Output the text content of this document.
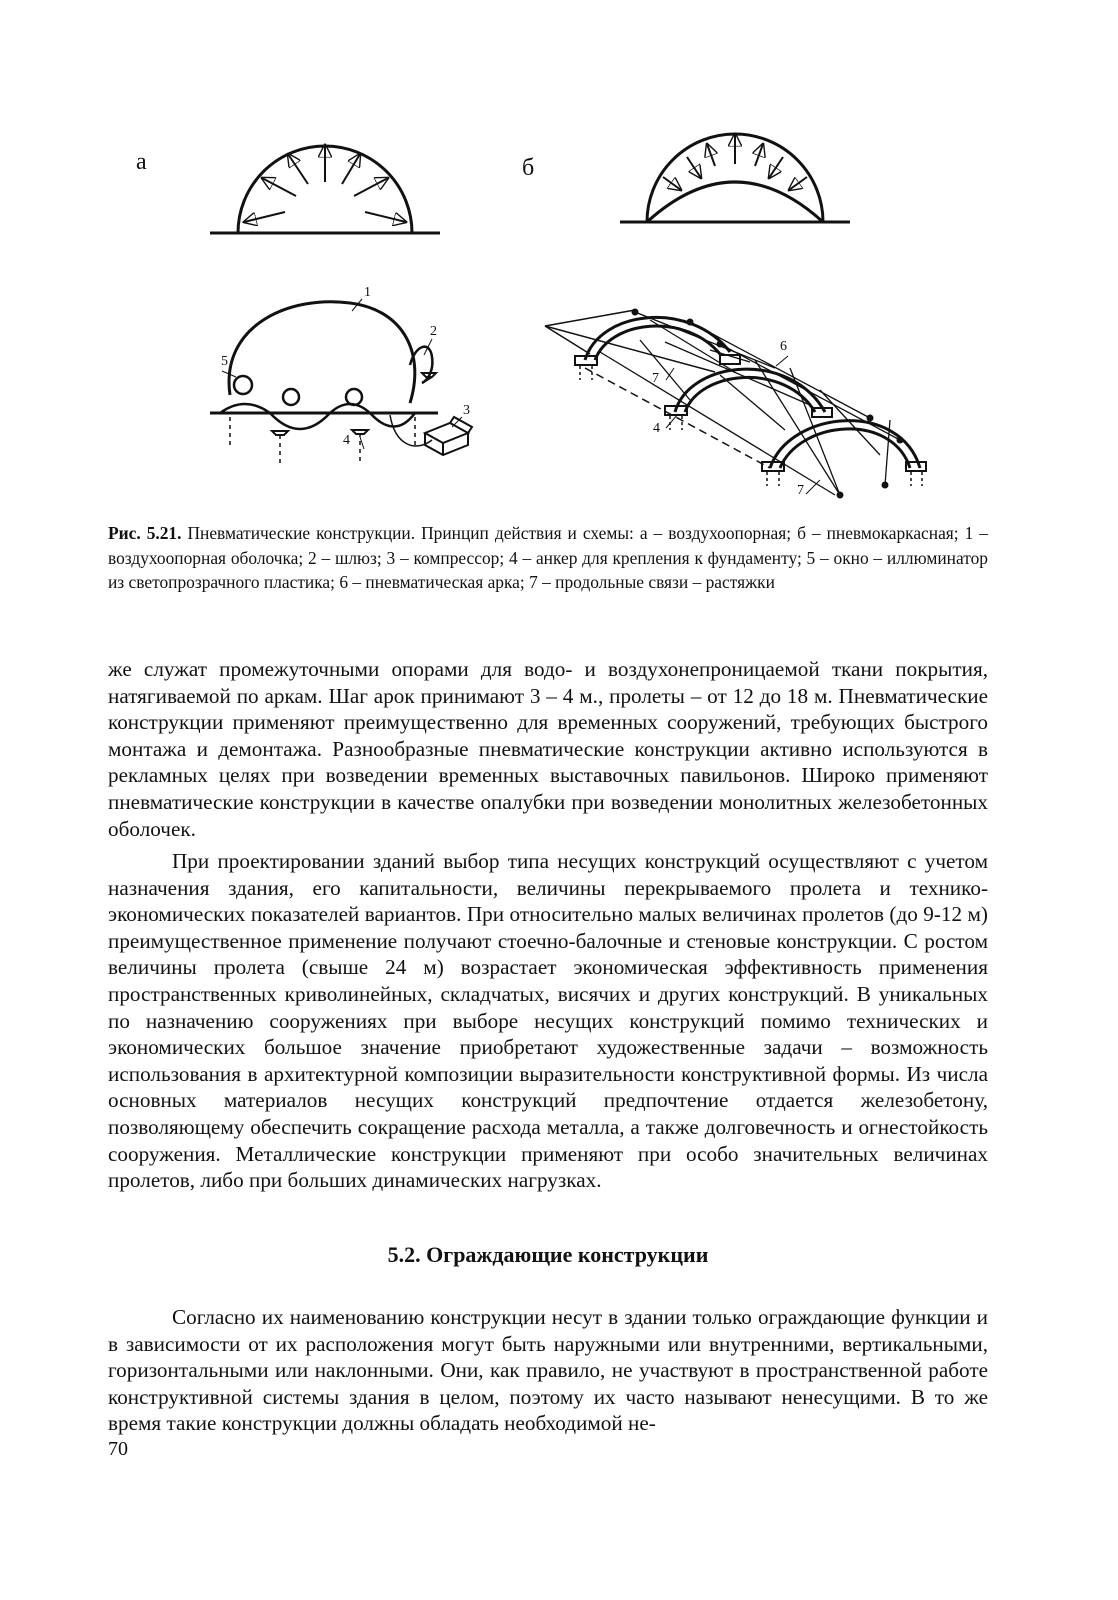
а	б
1
2
3
4
5
6
7
4
7
Рис. 5.21. Пневматические конструкции. Принцип действия и схемы: а – воздухоопорная; б – пневмокаркасная; 1 – воздухоопорная оболочка; 2 – шлюз; 3 – компрессор; 4 – анкер для крепления к фундаменту; 5 – окно – иллюминатор из светопрозрачного пластика; 6 – пневматическая арка; 7 – продольные связи – растяжки

же служат промежуточными опорами для водо- и воздухонепроницаемой ткани покрытия, натягиваемой по аркам. Шаг арок принимают 3 – 4 м., пролеты – от 12 до 18 м. Пневматические конструкции применяют преимущественно для временных сооружений, требующих быстрого монтажа и демонтажа. Разнообразные пневматические конструкции активно используются в рекламных целях при возведении временных выставочных павильонов. Широко применяют пневматические конструкции в качестве опалубки при возведении монолитных железобетонных оболочек.

При проектировании зданий выбор типа несущих конструкций осуществляют с учетом назначения здания, его капитальности, величины перекрываемого пролета и технико-экономических показателей вариантов. При относительно малых величинах пролетов (до 9-12 м) преимущественное применение получают стоечно-балочные и стеновые конструкции. С ростом величины пролета (свыше 24 м) возрастает экономическая эффективность применения пространственных криволинейных, складчатых, висячих и других конструкций. В уникальных по назначению сооружениях при выборе несущих конструкций помимо технических и экономических большое значение приобретают художественные задачи – возможность использования в архитектурной композиции выразительности конструктивной формы. Из числа основных материалов несущих конструкций предпочтение отдается железобетону, позволяющему обеспечить сокращение расхода металла, а также долговечность и огнестойкость сооружения. Металлические конструкции применяют при особо значительных величинах пролетов, либо при больших динамических нагрузках.

5.2. Ограждающие конструкции

Согласно их наименованию конструкции несут в здании только ограждающие функции и в зависимости от их расположения могут быть наружными или внутренними, вертикальными, горизонтальными или наклонными. Они, как правило, не участвуют в пространственной работе конструктивной системы здания в целом, поэтому их часто называют ненесущими. В то же время такие конструкции должны обладать необходимой не-

70
